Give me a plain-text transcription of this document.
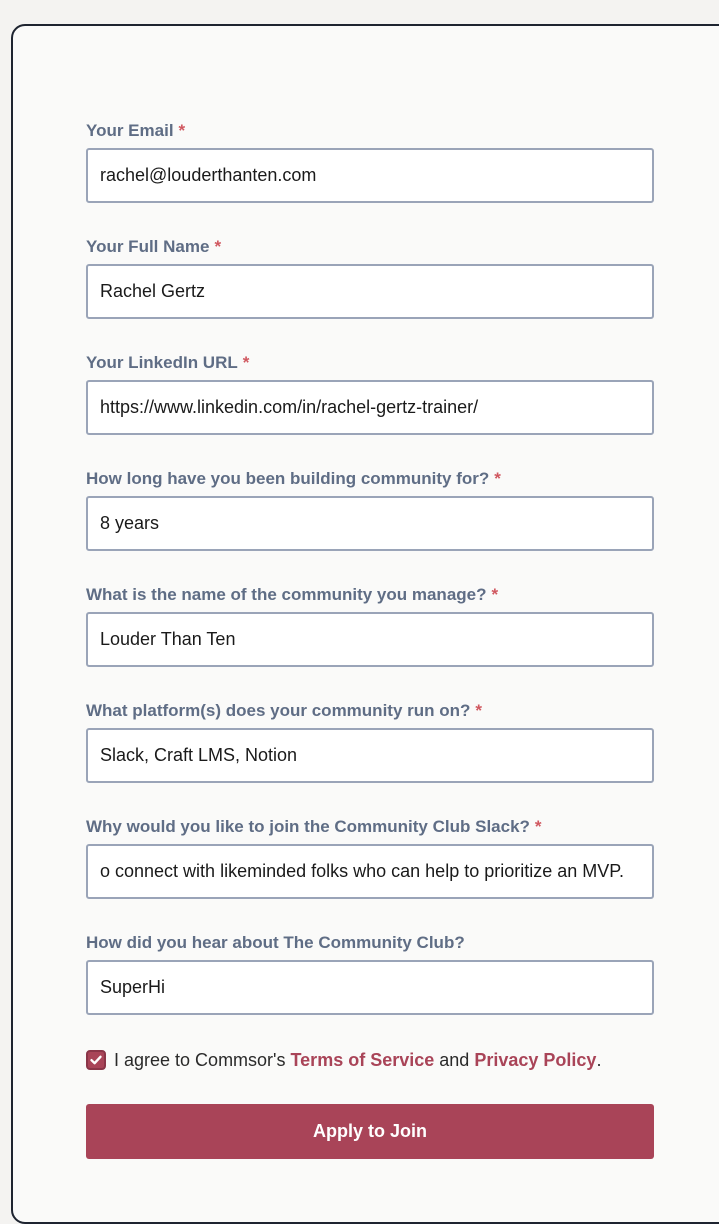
Your Email *
rachel@louderthanten.com
Your Full Name *
Rachel Gertz
Your LinkedIn URL *
https://www.linkedin.com/in/rachel-gertz-trainer/
How long have you been building community for? *
8 years
What is the name of the community you manage? *
Louder Than Ten
What platform(s) does your community run on? *
Slack, Craft LMS, Notion
Why would you like to join the Community Club Slack? *
o connect with likeminded folks who can help to prioritize an MVP.
How did you hear about The Community Club?
SuperHi
I agree to Commsor's
Terms of Service
and
Privacy Policy .
Apply to Join
